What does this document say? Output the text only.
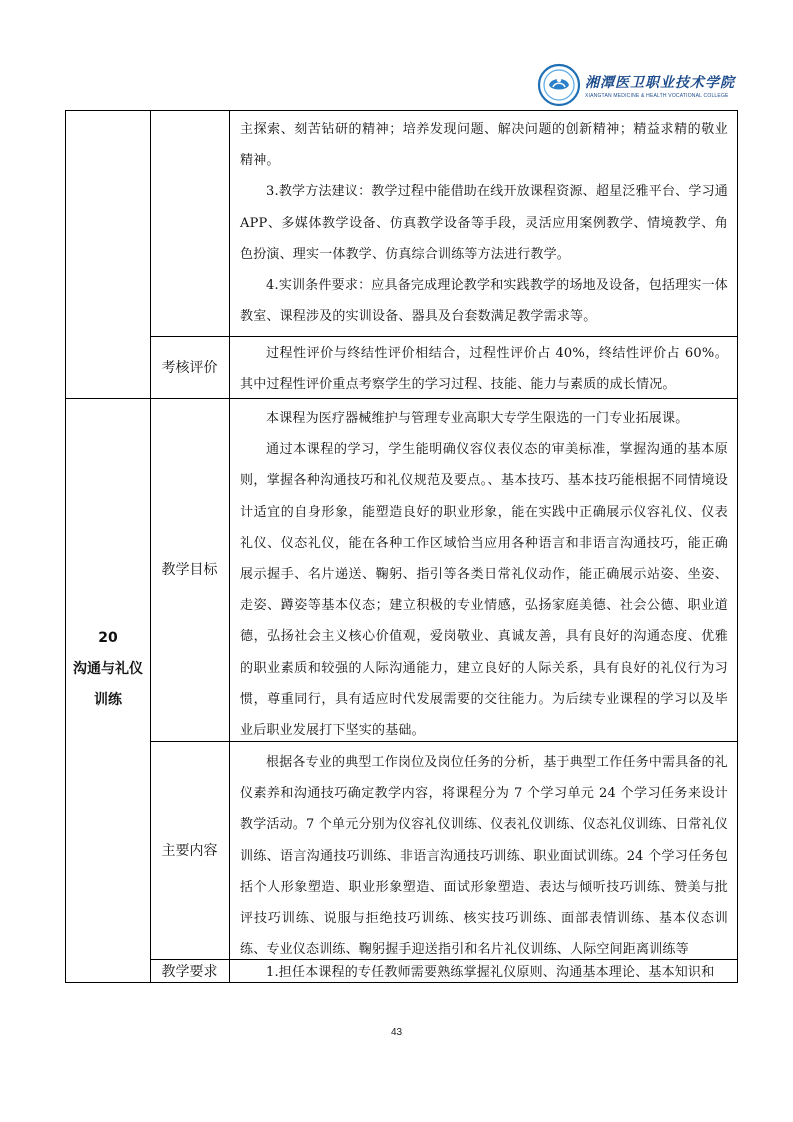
湘潭医卫职业技术学院
XIANGTAN MEDICINE & HEALTH VOCATIONAL COLLEGE

主探索、刻苦钻研的精神；培养发现问题、解决问题的创新精神；精益求精的敬业精神。

3.教学方法建议：教学过程中能借助在线开放课程资源、超星泛雅平台、学习通 APP、多媒体教学设备、仿真教学设备等手段，灵活应用案例教学、情境教学、角色扮演、理实一体教学、仿真综合训练等方法进行教学。

4.实训条件要求：应具备完成理论教学和实践教学的场地及设备，包括理实一体教室、课程涉及的实训设备、器具及台套数满足教学需求等。

考核评价

过程性评价与终结性评价相结合，过程性评价占 40%，终结性评价占 60%。其中过程性评价重点考察学生的学习过程、技能、能力与素质的成长情况。

20
沟通与礼仪
训练
教学目标

本课程为医疗器械维护与管理专业高职大专学生限选的一门专业拓展课。

通过本课程的学习，学生能明确仪容仪表仪态的审美标准，掌握沟通的基本原则，掌握各种沟通技巧和礼仪规范及要点。、基本技巧、基本技巧能根据不同情境设计适宜的自身形象，能塑造良好的职业形象，能在实践中正确展示仪容礼仪、仪表礼仪、仪态礼仪，能在各种工作区域恰当应用各种语言和非语言沟通技巧，能正确展示握手、名片递送、鞠躬、指引等各类日常礼仪动作，能正确展示站姿、坐姿、走姿、蹲姿等基本仪态；建立积极的专业情感，弘扬家庭美德、社会公德、职业道德，弘扬社会主义核心价值观，爱岗敬业、真诚友善，具有良好的沟通态度、优雅的职业素质和较强的人际沟通能力，建立良好的人际关系，具有良好的礼仪行为习惯，尊重同行，具有适应时代发展需要的交往能力。为后续专业课程的学习以及毕业后职业发展打下坚实的基础。

主要内容

根据各专业的典型工作岗位及岗位任务的分析，基于典型工作任务中需具备的礼仪素养和沟通技巧确定教学内容，将课程分为 7 个学习单元 24 个学习任务来设计教学活动。7 个单元分别为仪容礼仪训练、仪表礼仪训练、仪态礼仪训练、日常礼仪训练、语言沟通技巧训练、非语言沟通技巧训练、职业面试训练。24 个学习任务包括个人形象塑造、职业形象塑造、面试形象塑造、表达与倾听技巧训练、赞美与批评技巧训练、说服与拒绝技巧训练、核实技巧训练、面部表情训练、基本仪态训练、专业仪态训练、鞠躬握手迎送指引和名片礼仪训练、人际空间距离训练等

教学要求	1.担任本课程的专任教师需要熟练掌握礼仪原则、沟通基本理论、基本知识和

43
